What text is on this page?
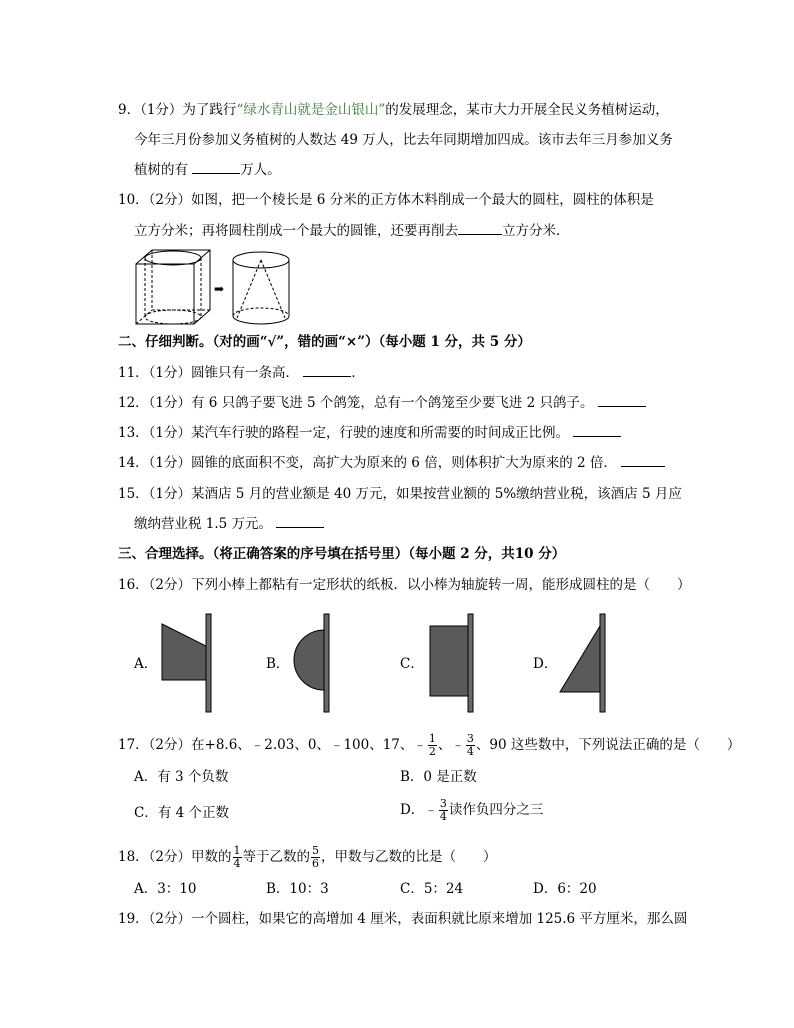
9．（1分）为了践行“绿水青山就是金山银山”的发展理念，某市大力开展全民义务植树运动，
今年三月份参加义务植树的人数达 49 万人，比去年同期增加四成。该市去年三月参加义务
植树的有	万人。
10．（2分）如图，把一个棱长是 6 分米的正方体木料削成一个最大的圆柱，圆柱的体积是
立方分米；再将圆柱削成一个最大的圆锥，还要再削去	立方分米．
➡
二、仔细判断。（对的画“√”，错的画“×”）（每小题 1 分，共 5 分）
11．（1分）圆锥只有一条高．	．
12．（1分）有 6 只鸽子要飞进 5 个鸽笼，总有一个鸽笼至少要飞进 2 只鸽子。
13．（1分）某汽车行驶的路程一定，行驶的速度和所需要的时间成正比例。
14．（1分）圆锥的底面积不变，高扩大为原来的 6 倍，则体积扩大为原来的 2 倍．
15．（1分）某酒店 5 月的营业额是 40 万元，如果按营业额的 5%缴纳营业税，该酒店 5 月应
缴纳营业税 1.5 万元。
三、合理选择。（将正确答案的序号填在括号里）（每小题 2 分，共10 分）
16．（2分）下列小棒上都粘有一定形状的纸板．以小棒为轴旋转一周，能形成圆柱的是（　　）
A．	B．	C．	D．
17．（2分）在+8.6、﹣2.03、0、﹣100、17、﹣ $\frac{1}{2}$ 、﹣ $\frac{3}{4}$ 、90 这些数中，下列说法正确的是（　　）
A．有 3 个负数	B．0 是正数
C．有 4 个正数	D．﹣ $\frac{3}{4}$ 读作负四分之三
18．（2分）甲数的 $\frac{1}{4}$ 等于乙数的 $\frac{5}{6}$ ，甲数与乙数的比是（　　）
A．3：10	B．10：3	C．5：24	D．6：20
19．（2分）一个圆柱，如果它的高增加 4 厘米，表面积就比原来增加 125.6 平方厘米，那么圆
